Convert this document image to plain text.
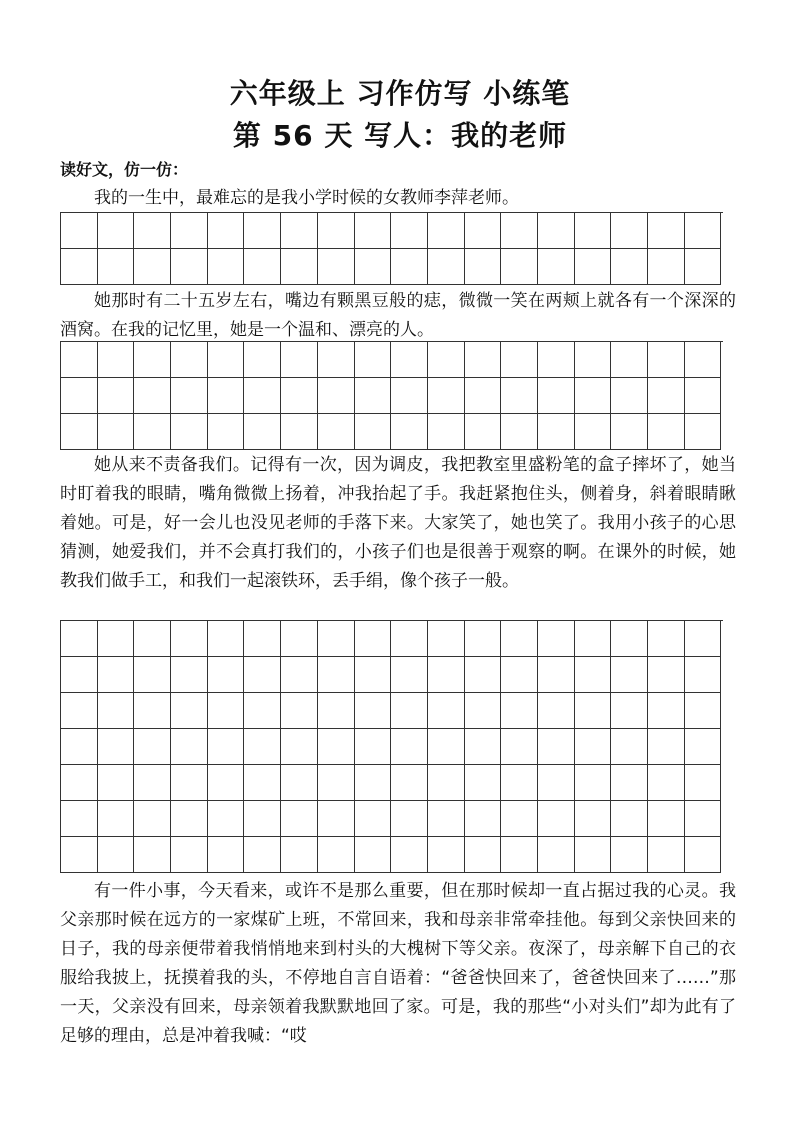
六年级上 习作仿写 小练笔
第 56 天 写人：我的老师
读好文，仿一仿：

我的一生中，最难忘的是我小学时候的女教师李萍老师。

她那时有二十五岁左右，嘴边有颗黑豆般的痣，微微一笑在两颊上就各有一个深深的酒窝。在我的记忆里，她是一个温和、漂亮的人。

她从来不责备我们。记得有一次，因为调皮，我把教室里盛粉笔的盒子摔坏了，她当时盯着我的眼睛，嘴角微微上扬着，冲我抬起了手。我赶紧抱住头，侧着身，斜着眼睛瞅着她。可是，好一会儿也没见老师的手落下来。大家笑了，她也笑了。我用小孩子的心思猜测，她爱我们，并不会真打我们的，小孩子们也是很善于观察的啊。在课外的时候，她教我们做手工，和我们一起滚铁环，丢手绢，像个孩子一般。

有一件小事，今天看来，或许不是那么重要，但在那时候却一直占据过我的心灵。我父亲那时候在远方的一家煤矿上班，不常回来，我和母亲非常牵挂他。每到父亲快回来的日子，我的母亲便带着我悄悄地来到村头的大槐树下等父亲。夜深了，母亲解下自己的衣服给我披上，抚摸着我的头，不停地自言自语着：“爸爸快回来了，爸爸快回来了……”那一天，父亲没有回来，母亲领着我默默地回了家。可是，我的那些“小对头们”却为此有了足够的理由，总是冲着我喊：“哎
